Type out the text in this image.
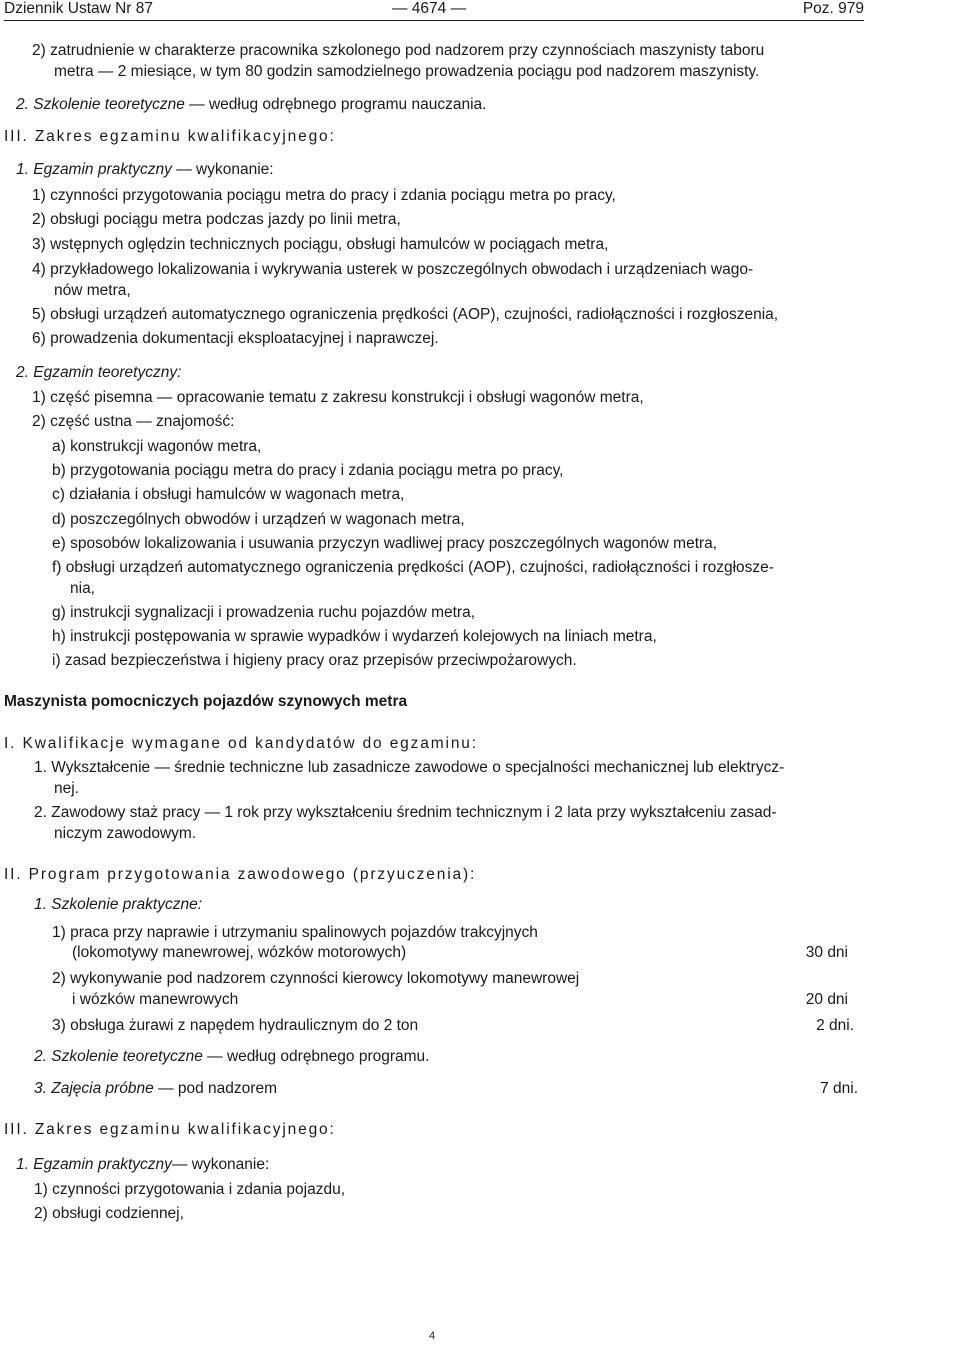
Dziennik Ustaw Nr 87	— 4674 —	Poz. 979
2) zatrudnienie w charakterze pracownika szkolonego pod nadzorem przy czynnościach maszynisty taboru
metra — 2 miesiące, w tym 80 godzin samodzielnego prowadzenia pociągu pod nadzorem maszynisty.
2. Szkolenie teoretyczne — według odrębnego programu nauczania.
III. Zakres egzaminu kwalifikacyjnego:
1. Egzamin praktyczny — wykonanie:
1) czynności przygotowania pociągu metra do pracy i zdania pociągu metra po pracy,
2) obsługi pociągu metra podczas jazdy po linii metra,
3) wstępnych oględzin technicznych pociągu, obsługi hamulców w pociągach metra,
4) przykładowego lokalizowania i wykrywania usterek w poszczególnych obwodach i urządzeniach wago-
nów metra,
5) obsługi urządzeń automatycznego ograniczenia prędkości (AOP), czujności, radiołączności i rozgłoszenia,
6) prowadzenia dokumentacji eksploatacyjnej i naprawczej.
2. Egzamin teoretyczny:
1) część pisemna — opracowanie tematu z zakresu konstrukcji i obsługi wagonów metra,
2) część ustna — znajomość:
a) konstrukcji wagonów metra,
b) przygotowania pociągu metra do pracy i zdania pociągu metra po pracy,
c) działania i obsługi hamulców w wagonach metra,
d) poszczególnych obwodów i urządzeń w wagonach metra,
e) sposobów lokalizowania i usuwania przyczyn wadliwej pracy poszczególnych wagonów metra,
f) obsługi urządzeń automatycznego ograniczenia prędkości (AOP), czujności, radiołączności i rozgłosze-
nia,
g) instrukcji sygnalizacji i prowadzenia ruchu pojazdów metra,
h) instrukcji postępowania w sprawie wypadków i wydarzeń kolejowych na liniach metra,
i) zasad bezpieczeństwa i higieny pracy oraz przepisów przeciwpożarowych.
Maszynista pomocniczych pojazdów szynowych metra
I. Kwalifikacje wymagane od kandydatów do egzaminu:
1. Wykształcenie — średnie techniczne lub zasadnicze zawodowe o specjalności mechanicznej lub elektrycz-
nej.
2. Zawodowy staż pracy — 1 rok przy wykształceniu średnim technicznym i 2 lata przy wykształceniu zasad-
niczym zawodowym.
II. Program przygotowania zawodowego (przyuczenia):
1. Szkolenie praktyczne:
1) praca przy naprawie i utrzymaniu spalinowych pojazdów trakcyjnych
(lokomotywy manewrowej, wózków motorowych)	30 dni
2) wykonywanie pod nadzorem czynności kierowcy lokomotywy manewrowej
i wózków manewrowych	20 dni
3) obsługa żurawi z napędem hydraulicznym do 2 ton	2 dni.
2. Szkolenie teoretyczne — według odrębnego programu.
3. Zajęcia próbne — pod nadzorem	7 dni.
III. Zakres egzaminu kwalifikacyjnego:
1. Egzamin praktyczny— wykonanie:
1) czynności przygotowania i zdania pojazdu,
2) obsługi codziennej,
4
